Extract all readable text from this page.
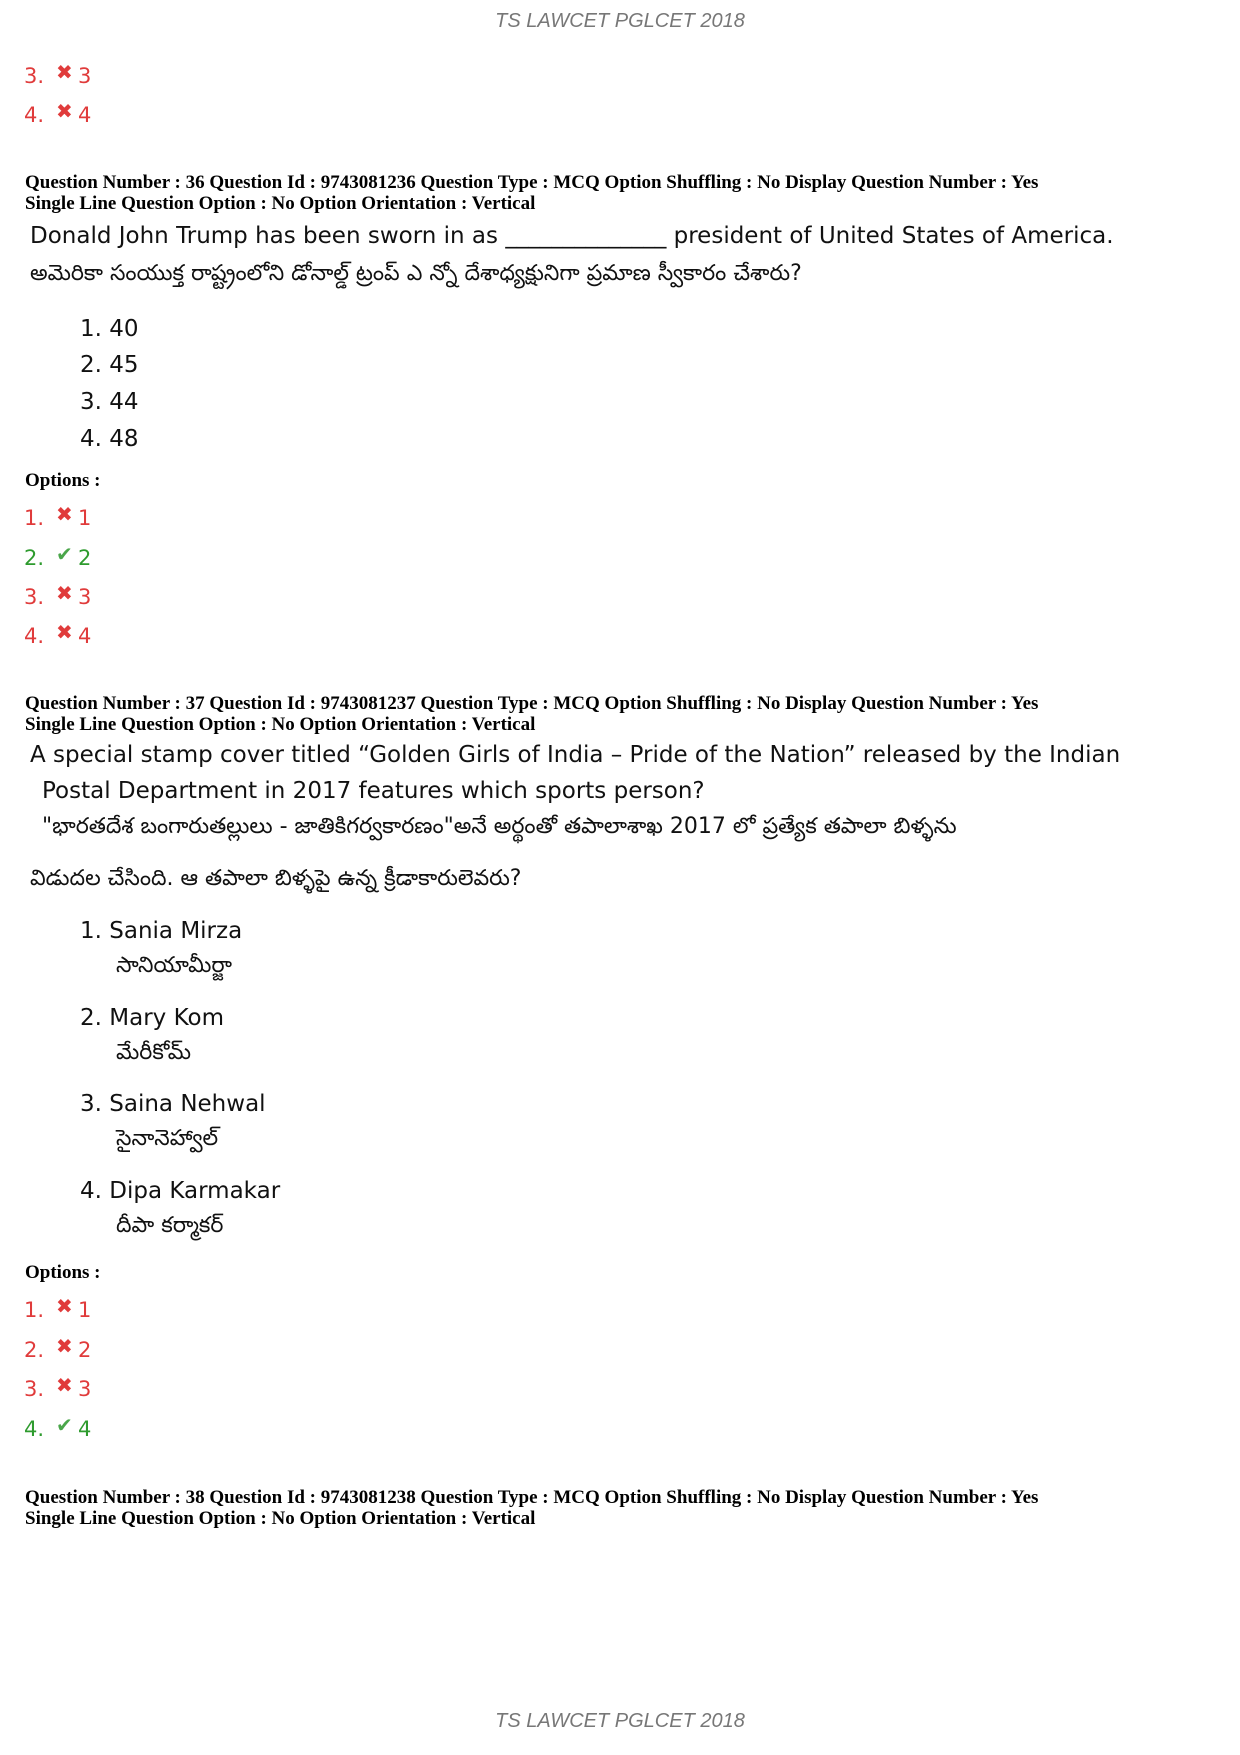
TS LAWCET PGLCET 2018
3. ✖ 3
4. ✖ 4
Question Number : 36 Question Id : 9743081236 Question Type : MCQ Option Shuffling : No Display Question Number : Yes
Single Line Question Option : No Option Orientation : Vertical
Donald John Trump has been sworn in as ______________ president of United States of America.
అమెరికా సంయుక్త రాష్ట్రంలోని డోనాల్డ్ ట్రంప్ ఎ న్నో దేశాధ్యక్షునిగా ప్రమాణ స్వీకారం చేశారు?
1. 40
2. 45
3. 44
4. 48
Options :
1. ✖ 1
2. ✔ 2
3. ✖ 3
4. ✖ 4
Question Number : 37 Question Id : 9743081237 Question Type : MCQ Option Shuffling : No Display Question Number : Yes
Single Line Question Option : No Option Orientation : Vertical
A special stamp cover titled “Golden Girls of India – Pride of the Nation” released by the Indian
Postal Department in 2017 features which sports person?
"భారతదేశ బంగారుతల్లులు - జాతికిగర్వకారణం"అనే అర్థంతో తపాలాశాఖ 2017 లో ప్రత్యేక తపాలా బిళ్ళను
విడుదల చేసింది. ఆ తపాలా బిళ్ళపై ఉన్న క్రీడాకారులెవరు?
1. Sania Mirza
సానియామీర్జా
2. Mary Kom
మేరీకోమ్
3. Saina Nehwal
సైనానెహ్వాల్
4. Dipa Karmakar
దీపా కర్మాకర్
Options :
1. ✖ 1
2. ✖ 2
3. ✖ 3
4. ✔ 4
Question Number : 38 Question Id : 9743081238 Question Type : MCQ Option Shuffling : No Display Question Number : Yes
Single Line Question Option : No Option Orientation : Vertical
TS LAWCET PGLCET 2018
